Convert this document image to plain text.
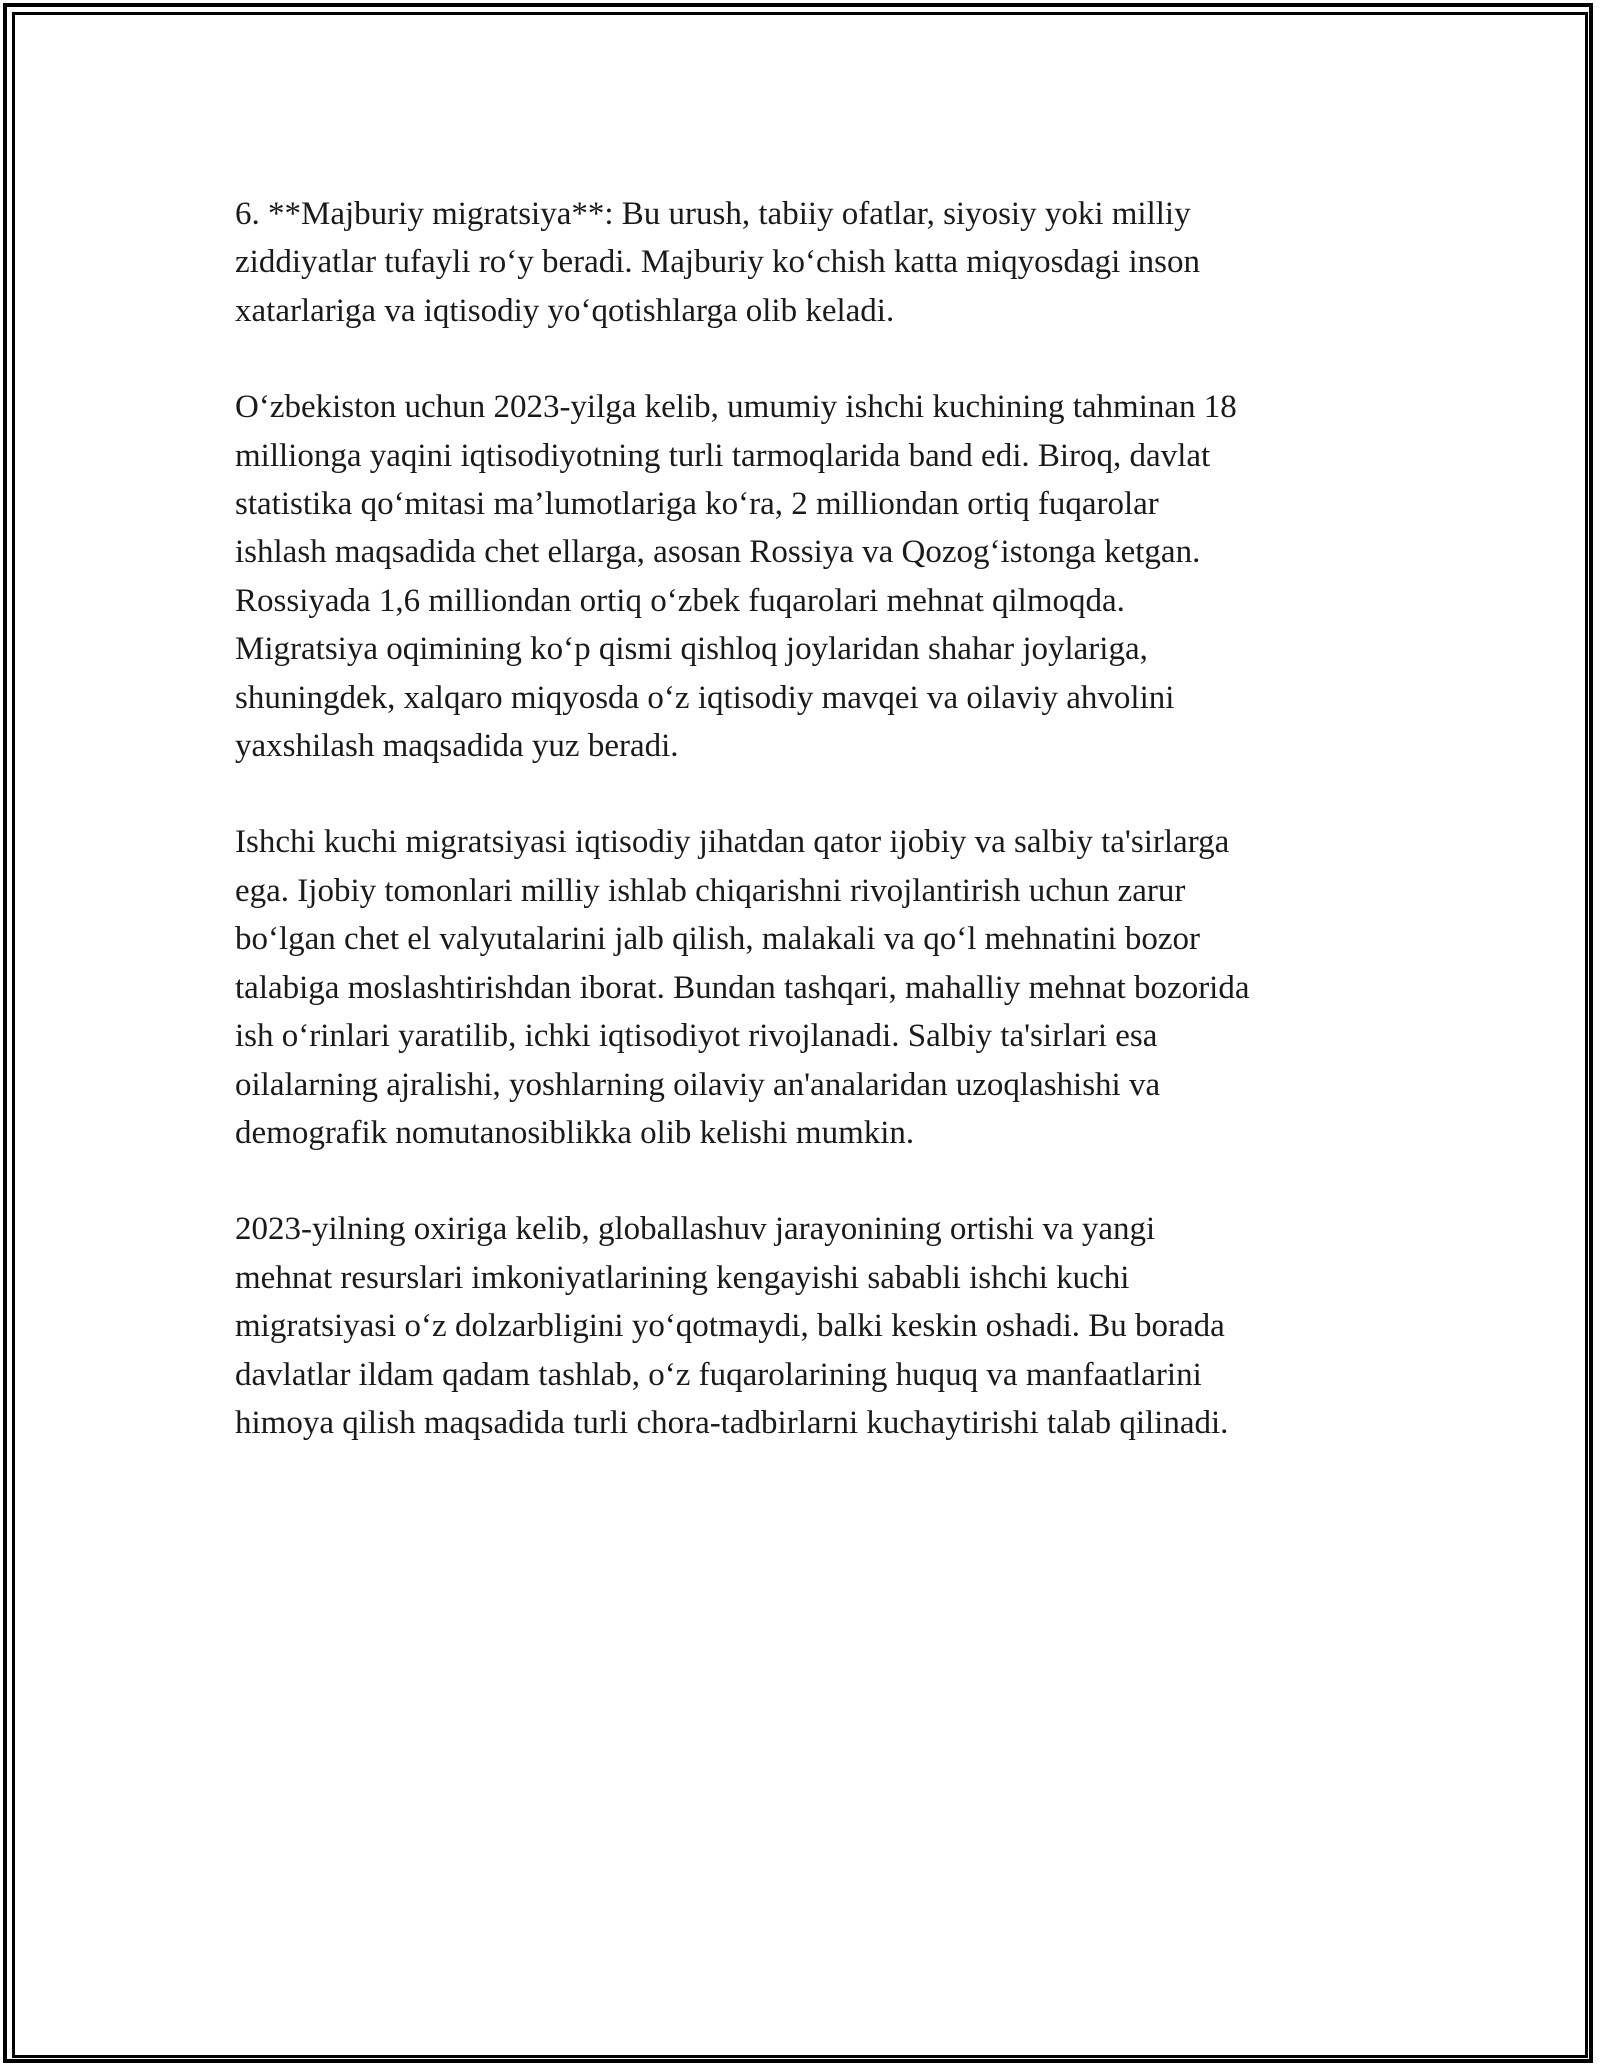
6. **Majburiy migratsiya**: Bu urush, tabiiy ofatlar, siyosiy yoki milliy
ziddiyatlar tufayli ro‘y beradi. Majburiy ko‘chish katta miqyosdagi inson
xatarlariga va iqtisodiy yo‘qotishlarga olib keladi.

O‘zbekiston uchun 2023-yilga kelib, umumiy ishchi kuchining tahminan 18
millionga yaqini iqtisodiyotning turli tarmoqlarida band edi. Biroq, davlat
statistika qo‘mitasi ma’lumotlariga ko‘ra, 2 milliondan ortiq fuqarolar
ishlash maqsadida chet ellarga, asosan Rossiya va Qozog‘istonga ketgan.
Rossiyada 1,6 milliondan ortiq o‘zbek fuqarolari mehnat qilmoqda.
Migratsiya oqimining ko‘p qismi qishloq joylaridan shahar joylariga,
shuningdek, xalqaro miqyosda o‘z iqtisodiy mavqei va oilaviy ahvolini
yaxshilash maqsadida yuz beradi.

Ishchi kuchi migratsiyasi iqtisodiy jihatdan qator ijobiy va salbiy ta'sirlarga
ega. Ijobiy tomonlari milliy ishlab chiqarishni rivojlantirish uchun zarur
bo‘lgan chet el valyutalarini jalb qilish, malakali va qo‘l mehnatini bozor
talabiga moslashtirishdan iborat. Bundan tashqari, mahalliy mehnat bozorida
ish o‘rinlari yaratilib, ichki iqtisodiyot rivojlanadi. Salbiy ta'sirlari esa
oilalarning ajralishi, yoshlarning oilaviy an'analaridan uzoqlashishi va
demografik nomutanosiblikka olib kelishi mumkin.

2023-yilning oxiriga kelib, globallashuv jarayonining ortishi va yangi
mehnat resurslari imkoniyatlarining kengayishi sababli ishchi kuchi
migratsiyasi o‘z dolzarbligini yo‘qotmaydi, balki keskin oshadi. Bu borada
davlatlar ildam qadam tashlab, o‘z fuqarolarining huquq va manfaatlarini
himoya qilish maqsadida turli chora-tadbirlarni kuchaytirishi talab qilinadi.
